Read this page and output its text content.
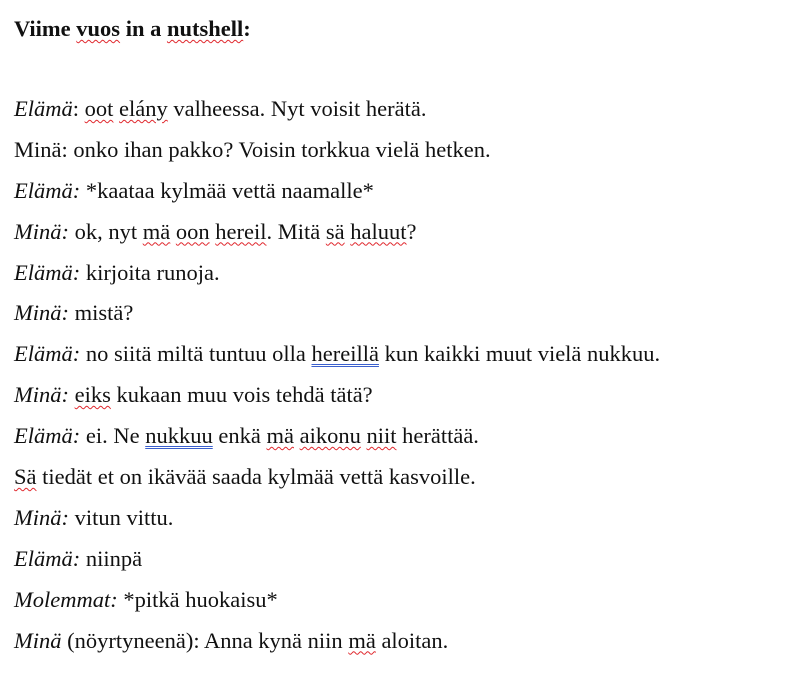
Viime vuos in a nutshell:
Elämä: oot elány valheessa. Nyt voisit herätä.
Minä: onko ihan pakko? Voisin torkkua vielä hetken.
Elämä: *kaataa kylmää vettä naamalle*
Minä: ok, nyt mä oon hereil. Mitä sä haluut?
Elämä: kirjoita runoja.
Minä: mistä?
Elämä: no siitä miltä tuntuu olla hereillä kun kaikki muut vielä nukkuu.
Minä: eiks kukaan muu vois tehdä tätä?
Elämä: ei. Ne nukkuu enkä mä aikonu niit herättää.
Sä tiedät et on ikävää saada kylmää vettä kasvoille.
Minä: vitun vittu.
Elämä: niinpä
Molemmat: *pitkä huokaisu*
Minä (nöyrtyneenä): Anna kynä niin mä aloitan.
